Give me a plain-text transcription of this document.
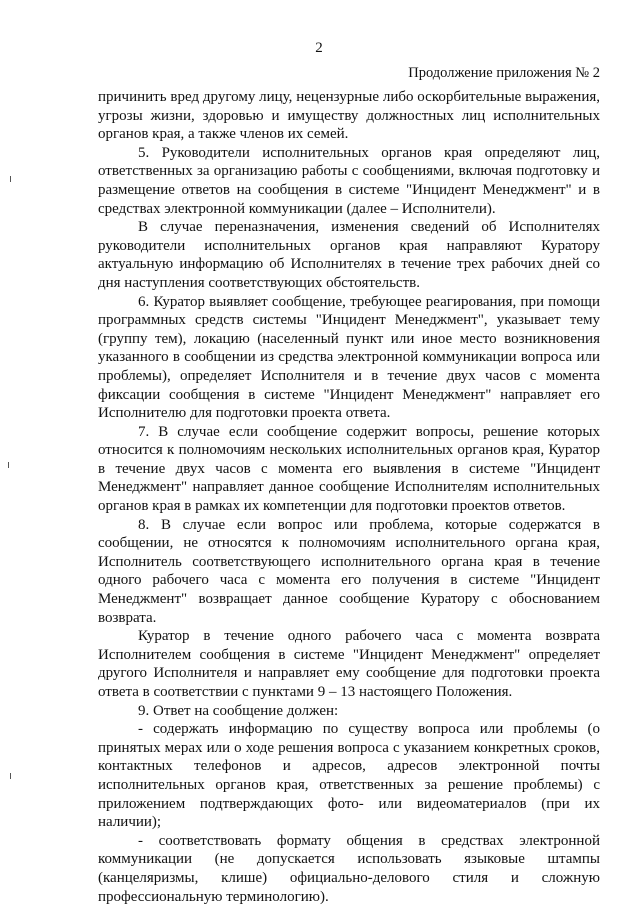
2
Продолжение приложения № 2

причинить вред другому лицу, нецензурные либо оскорбительные выражения, угрозы жизни, здоровью и имуществу должностных лиц исполнительных органов края, а также членов их семей.

5. Руководители исполнительных органов края определяют лиц, ответственных за организацию работы с сообщениями, включая подготовку и размещение ответов на сообщения в системе "Инцидент Менеджмент" и в средствах электронной коммуникации (далее – Исполнители).

В случае переназначения, изменения сведений об Исполнителях руководители исполнительных органов края направляют Куратору актуальную информацию об Исполнителях в течение трех рабочих дней со дня наступления соответствующих обстоятельств.

6. Куратор выявляет сообщение, требующее реагирования, при помощи программных средств системы "Инцидент Менеджмент", указывает тему (группу тем), локацию (населенный пункт или иное место возникновения указанного в сообщении из средства электронной коммуникации вопроса или проблемы), определяет Исполнителя и в течение двух часов с момента фиксации сообщения в системе "Инцидент Менеджмент" направляет его Исполнителю для подготовки проекта ответа.

7. В случае если сообщение содержит вопросы, решение которых относится к полномочиям нескольких исполнительных органов края, Куратор в течение двух часов с момента его выявления в системе "Инцидент Менеджмент" направляет данное сообщение Исполнителям исполнительных органов края в рамках их компетенции для подготовки проектов ответов.

8. В случае если вопрос или проблема, которые содержатся в сообщении, не относятся к полномочиям исполнительного органа края, Исполнитель соответствующего исполнительного органа края в течение одного рабочего часа с момента его получения в системе "Инцидент Менеджмент" возвращает данное сообщение Куратору с обоснованием возврата.

Куратор в течение одного рабочего часа с момента возврата Исполнителем сообщения в системе "Инцидент Менеджмент" определяет другого Исполнителя и направляет ему сообщение для подготовки проекта ответа в соответствии с пунктами 9 – 13 настоящего Положения.

9. Ответ на сообщение должен:

- содержать информацию по существу вопроса или проблемы (о принятых мерах или о ходе решения вопроса с указанием конкретных сроков, контактных телефонов и адресов, адресов электронной почты исполнительных органов края, ответственных за решение проблемы) с приложением подтверждающих фото- или видеоматериалов (при их наличии);

- соответствовать формату общения в средствах электронной коммуникации (не допускается использовать языковые штампы (канцеляризмы, клише) официально-делового стиля и сложную профессиональную терминологию).
